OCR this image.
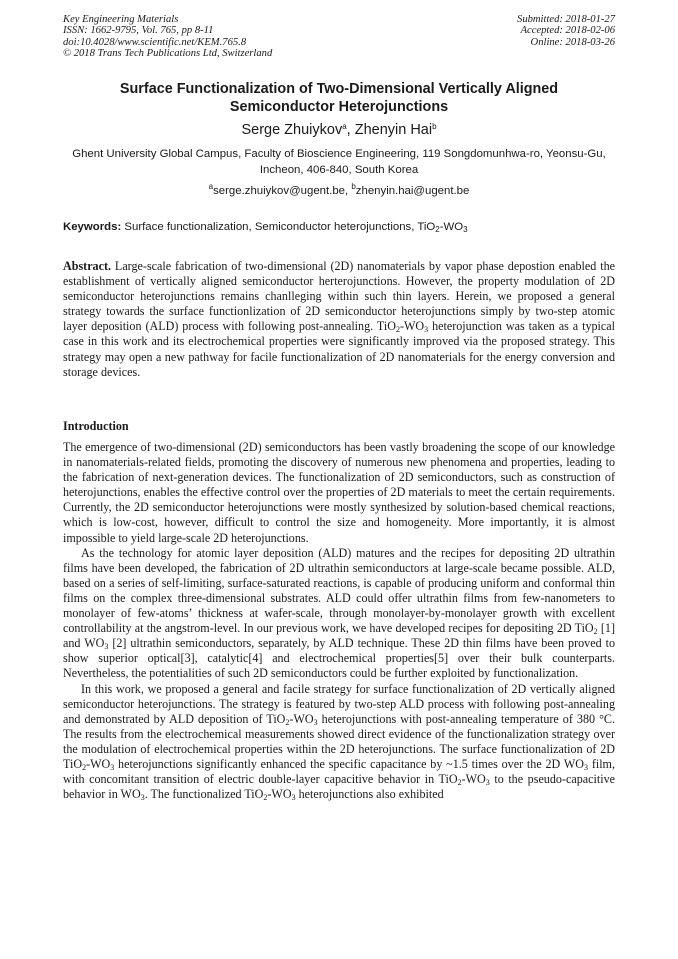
Key Engineering Materials
ISSN: 1662-9795, Vol. 765, pp 8-11
doi:10.4028/www.scientific.net/KEM.765.8
© 2018 Trans Tech Publications Ltd, Switzerland
Submitted: 2018-01-27
Accepted: 2018-02-06
Online: 2018-03-26
Surface Functionalization of Two-Dimensional Vertically Aligned
Semiconductor Heterojunctions
Serge Zhuiykov$^a$, Zhenyin Hai$^b$
Ghent University Global Campus, Faculty of Bioscience Engineering, 119 Songdomunhwa-ro, Yeonsu-Gu, Incheon, 406-840, South Korea
$^a$serge.zhuiykov@ugent.be, $^b$zhenyin.hai@ugent.be
Keywords: Surface functionalization, Semiconductor heterojunctions, $TiO_2-WO_3$
Abstract. Large-scale fabrication of two-dimensional (2D) nanomaterials by vapor phase depostion enabled the establishment of vertically aligned semiconductor herterojunctions. However, the property modulation of 2D semiconductor heterojunctions remains chanlleging within such thin layers. Herein, we proposed a general strategy towards the surface functionlization of 2D semiconductor heterojunctions simply by two-step atomic layer deposition (ALD) process with following post-annealing. $TiO_2-WO_3$ heterojunction was taken as a typical case in this work and its electrochemical properties were significantly improved via the proposed strategy. This strategy may open a new pathway for facile functionalization of 2D nanomaterials for the energy conversion and storage devices.
Introduction

The emergence of two-dimensional (2D) semiconductors has been vastly broadening the scope of our knowledge in nanomaterials-related fields, promoting the discovery of numerous new phenomena and properties, leading to the fabrication of next-generation devices. The functionalization of 2D semiconductors, such as construction of heterojunctions, enables the effective control over the properties of 2D materials to meet the certain requirements. Currently, the 2D semiconductor heterojunctions were mostly synthesized by solution-based chemical reactions, which is low-cost, however, difficult to control the size and homogeneity. More importantly, it is almost impossible to yield large-scale 2D heterojunctions.

As the technology for atomic layer deposition (ALD) matures and the recipes for depositing 2D ultrathin films have been developed, the fabrication of 2D ultrathin semiconductors at large-scale became possible. ALD, based on a series of self-limiting, surface-saturated reactions, is capable of producing uniform and conformal thin films on the complex three-dimensional substrates. ALD could offer ultrathin films from few-nanometers to monolayer of few-atoms’ thickness at wafer-scale, through monolayer-by-monolayer growth with excellent controllability at the angstrom-level. In our previous work, we have developed recipes for depositing 2D TiO$_2$ [1] and $WO_3$ [2] ultrathin semiconductors, separately, by ALD technique. These 2D thin films have been proved to show superior optical[3], catalytic[4] and electrochemical properties[5] over their bulk counterparts. Nevertheless, the potentialities of such 2D semiconductors could be further exploited by functionalization.

In this work, we proposed a general and facile strategy for surface functionalization of 2D vertically aligned semiconductor heterojunctions. The strategy is featured by two-step ALD process with following post-annealing and demonstrated by ALD deposition of $TiO_2-WO_3$ heterojunctions with post-annealing temperature of 380 °C. The results from the electrochemical measurements showed direct evidence of the functionalization strategy over the modulation of electrochemical properties within the 2D heterojunctions. The surface functionalization of 2D $TiO_2-WO_3$ heterojunctions significantly enhanced the specific capacitance by ~1.5 times over the 2D $WO_3$ film, with concomitant transition of electric double-layer capacitive behavior in $TiO_2-WO_3$ to the pseudo-capacitive behavior in $WO_3$. The functionalized $TiO_2-WO_3$ heterojunctions also exhibited
